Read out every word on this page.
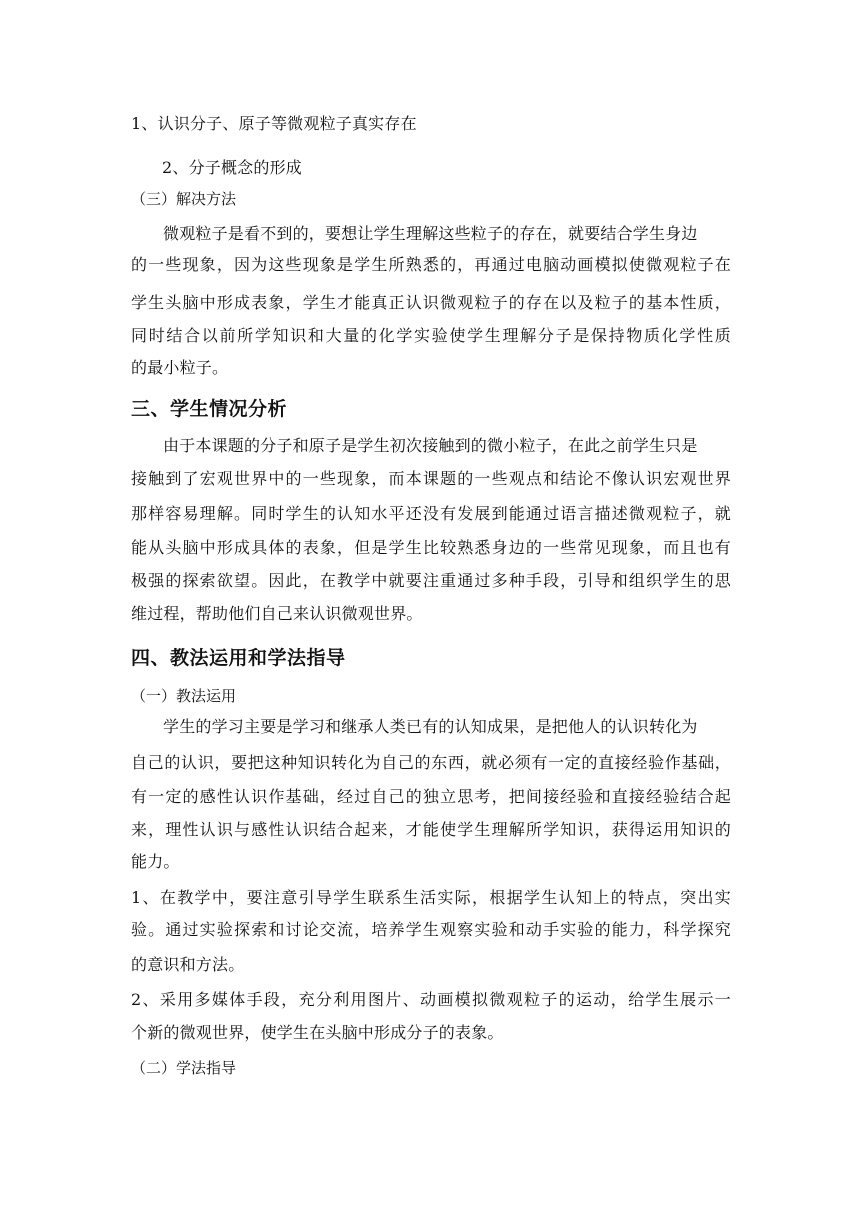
1、认识分子、原子等微观粒子真实存在
2、分子概念的形成
（三）解决方法
微观粒子是看不到的，要想让学生理解这些粒子的存在，就要结合学生身边
的一些现象，因为这些现象是学生所熟悉的，再通过电脑动画模拟使微观粒子在
学生头脑中形成表象，学生才能真正认识微观粒子的存在以及粒子的基本性质，
同时结合以前所学知识和大量的化学实验使学生理解分子是保持物质化学性质
的最小粒子。
三、学生情况分析
由于本课题的分子和原子是学生初次接触到的微小粒子，在此之前学生只是
接触到了宏观世界中的一些现象，而本课题的一些观点和结论不像认识宏观世界
那样容易理解。同时学生的认知水平还没有发展到能通过语言描述微观粒子，就
能从头脑中形成具体的表象，但是学生比较熟悉身边的一些常见现象，而且也有
极强的探索欲望。因此，在教学中就要注重通过多种手段，引导和组织学生的思
维过程，帮助他们自己来认识微观世界。
四、教法运用和学法指导
（一）教法运用
学生的学习主要是学习和继承人类已有的认知成果，是把他人的认识转化为
自己的认识，要把这种知识转化为自己的东西，就必须有一定的直接经验作基础，
有一定的感性认识作基础，经过自己的独立思考，把间接经验和直接经验结合起
来，理性认识与感性认识结合起来，才能使学生理解所学知识，获得运用知识的
能力。
1、在教学中，要注意引导学生联系生活实际，根据学生认知上的特点，突出实
验。通过实验探索和讨论交流，培养学生观察实验和动手实验的能力，科学探究
的意识和方法。
2、采用多媒体手段，充分利用图片、动画模拟微观粒子的运动，给学生展示一
个新的微观世界，使学生在头脑中形成分子的表象。
（二）学法指导
